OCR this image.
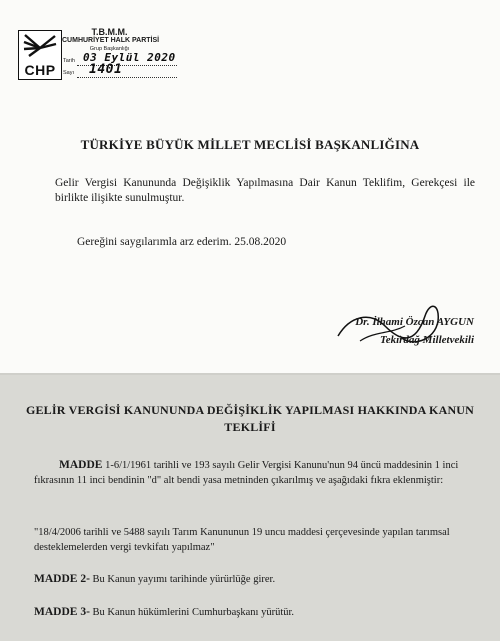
CHP
T.B.M.M.
CUMHURİYET HALK PARTİSİ
Grup Başkanlığı
Tarih 03 Eylül 2020
Sayı 1401
TÜRKİYE BÜYÜK MİLLET MECLİSİ BAŞKANLIĞINA
Gelir Vergisi Kanununda Değişiklik Yapılmasına Dair Kanun Teklifim, Gerekçesi ile birlikte ilişikte sunulmuştur.
Gereğini saygılarımla arz ederim. 25.08.2020
Dr. İlhami Özcan AYGUN
Tekirdağ Milletvekili
GELİR VERGİSİ KANUNUNDA DEĞİŞİKLİK YAPILMASI HAKKINDA KANUN TEKLİFİ
MADDE 1-6/1/1961 tarihli ve 193 sayılı Gelir Vergisi Kanunu'nun 94 üncü maddesinin 1 inci fıkrasının 11 inci bendinin "d" alt bendi yasa metninden çıkarılmış ve aşağıdaki fıkra eklenmiştir:
"18/4/2006 tarihli ve 5488 sayılı Tarım Kanununun 19 uncu maddesi çerçevesinde yapılan tarımsal desteklemelerden vergi tevkifatı yapılmaz"
MADDE 2- Bu Kanun yayımı tarihinde yürürlüğe girer.
MADDE 3- Bu Kanun hükümlerini Cumhurbaşkanı yürütür.
